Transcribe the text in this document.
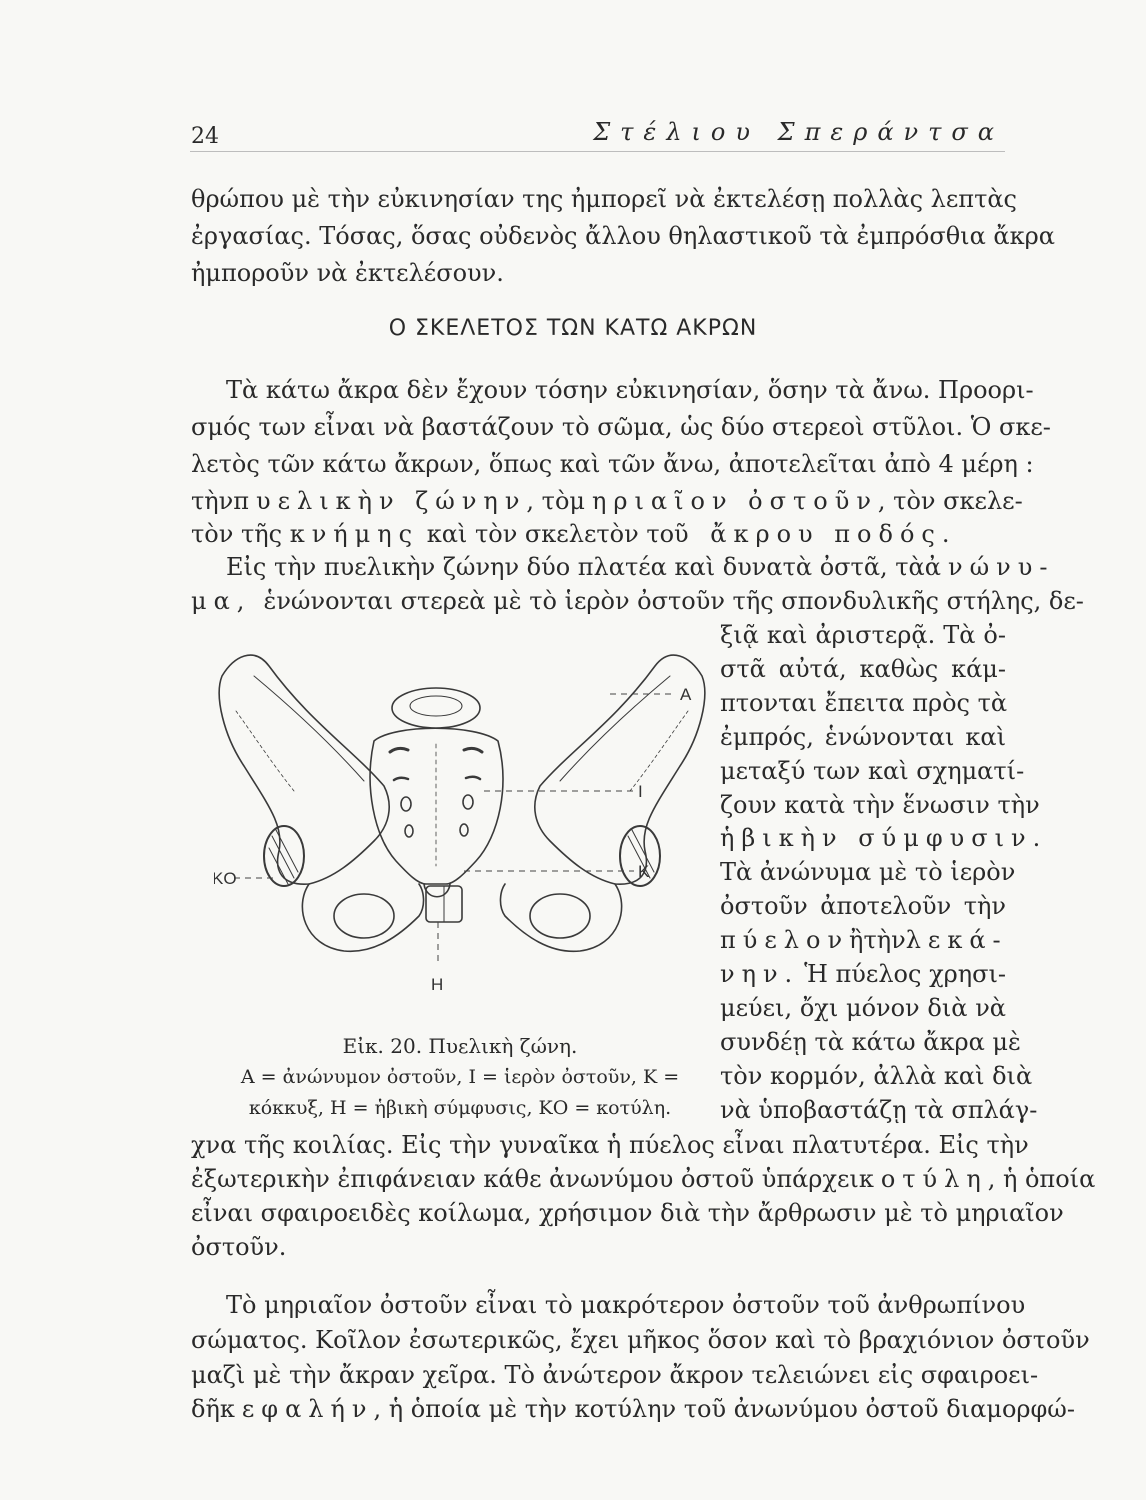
24	Στέλιου Σπεράντσα
θρώπου μὲ τὴν εὐκινησίαν της ἠμπορεῖ νὰ ἐκτελέσῃ πολλὰς λεπτὰς
ἐργασίας. Τόσας, ὅσας οὐδενὸς ἄλλου θηλαστικοῦ τὰ ἐμπρόσθια ἄκρα
ἠμποροῦν νὰ ἐκτελέσουν.
Ο ΣΚΕΛΕΤΟΣ ΤΩΝ ΚΑΤΩ ΑΚΡΩΝ
Τὰ κάτω ἄκρα δὲν ἔχουν τόσην εὐκινησίαν, ὅσην τὰ ἄνω. Προορι-
σμός των εἶναι νὰ βαστάζουν τὸ σῶμα, ὡς δύο στερεοὶ στῦλοι. Ὁ σκε-
λετὸς τῶν κάτω ἄκρων, ὅπως καὶ τῶν ἄνω, ἀποτελεῖται ἀπὸ 4 μέρη :
τὴν πυελικὴν ζώνην , τὸ μηριαῖον ὀστοῦν , τὸν σκελε-
τὸν τῆς κνήμης καὶ τὸν σκελετὸν τοῦ ἄκρου ποδός.
Εἰς τὴν πυελικὴν ζώνην δύο πλατέα καὶ δυνατὰ ὀστᾶ, τὰ ἀνώνυ-
μα, ἑνώνονται στερεὰ μὲ τὸ ἱερὸν ὀστοῦν τῆς σπονδυλικῆς στήλης, δε-
ξιᾷ καὶ ἀριστερᾷ. Τὰ ὀ-
στᾶ αὐτά, καθὼς κάμ-
πτονται ἔπειτα πρὸς τὰ
ἐμπρός, ἑνώνονται καὶ
μεταξύ των καὶ σχηματί-
ζουν κατὰ τὴν ἕνωσιν τὴν
ἡβικὴν σύμφυσιν.
Τὰ ἀνώνυμα μὲ τὸ ἱερὸν
ὀστοῦν ἀποτελοῦν τὴν
πύελον ἢ τὴν λεκά-
νην. Ἡ πύελος χρησι-
μεύει, ὄχι μόνον διὰ νὰ
συνδέῃ τὰ κάτω ἄκρα μὲ
τὸν κορμόν, ἀλλὰ καὶ διὰ
νὰ ὑποβαστάζῃ τὰ σπλάγ-
A
I
K
KO
H
Εἰκ. 20. Πυελικὴ ζώνη.
Α = ἀνώνυμον ὀστοῦν, Ι = ἱερὸν ὀστοῦν, Κ =
κόκκυξ, Η = ἡβικὴ σύμφυσις, ΚΟ = κοτύλη.
χνα τῆς κοιλίας. Εἰς τὴν γυναῖκα ἡ πύελος εἶναι πλατυτέρα. Εἰς τὴν
ἐξωτερικὴν ἐπιφάνειαν κάθε ἀνωνύμου ὀστοῦ ὑπάρχει κοτύλη , ἡ ὁποία
εἶναι σφαιροειδὲς κοίλωμα, χρήσιμον διὰ τὴν ἄρθρωσιν μὲ τὸ μηριαῖον
ὀστοῦν.
Τὸ μηριαῖον ὀστοῦν εἶναι τὸ μακρότερον ὀστοῦν τοῦ ἀνθρωπίνου
σώματος. Κοῖλον ἐσωτερικῶς, ἔχει μῆκος ὅσον καὶ τὸ βραχιόνιον ὀστοῦν
μαζὶ μὲ τὴν ἄκραν χεῖρα. Τὸ ἀνώτερον ἄκρον τελειώνει εἰς σφαιροει-
δῆ κεφαλήν , ἡ ὁποία μὲ τὴν κοτύλην τοῦ ἀνωνύμου ὀστοῦ διαμορφώ-
